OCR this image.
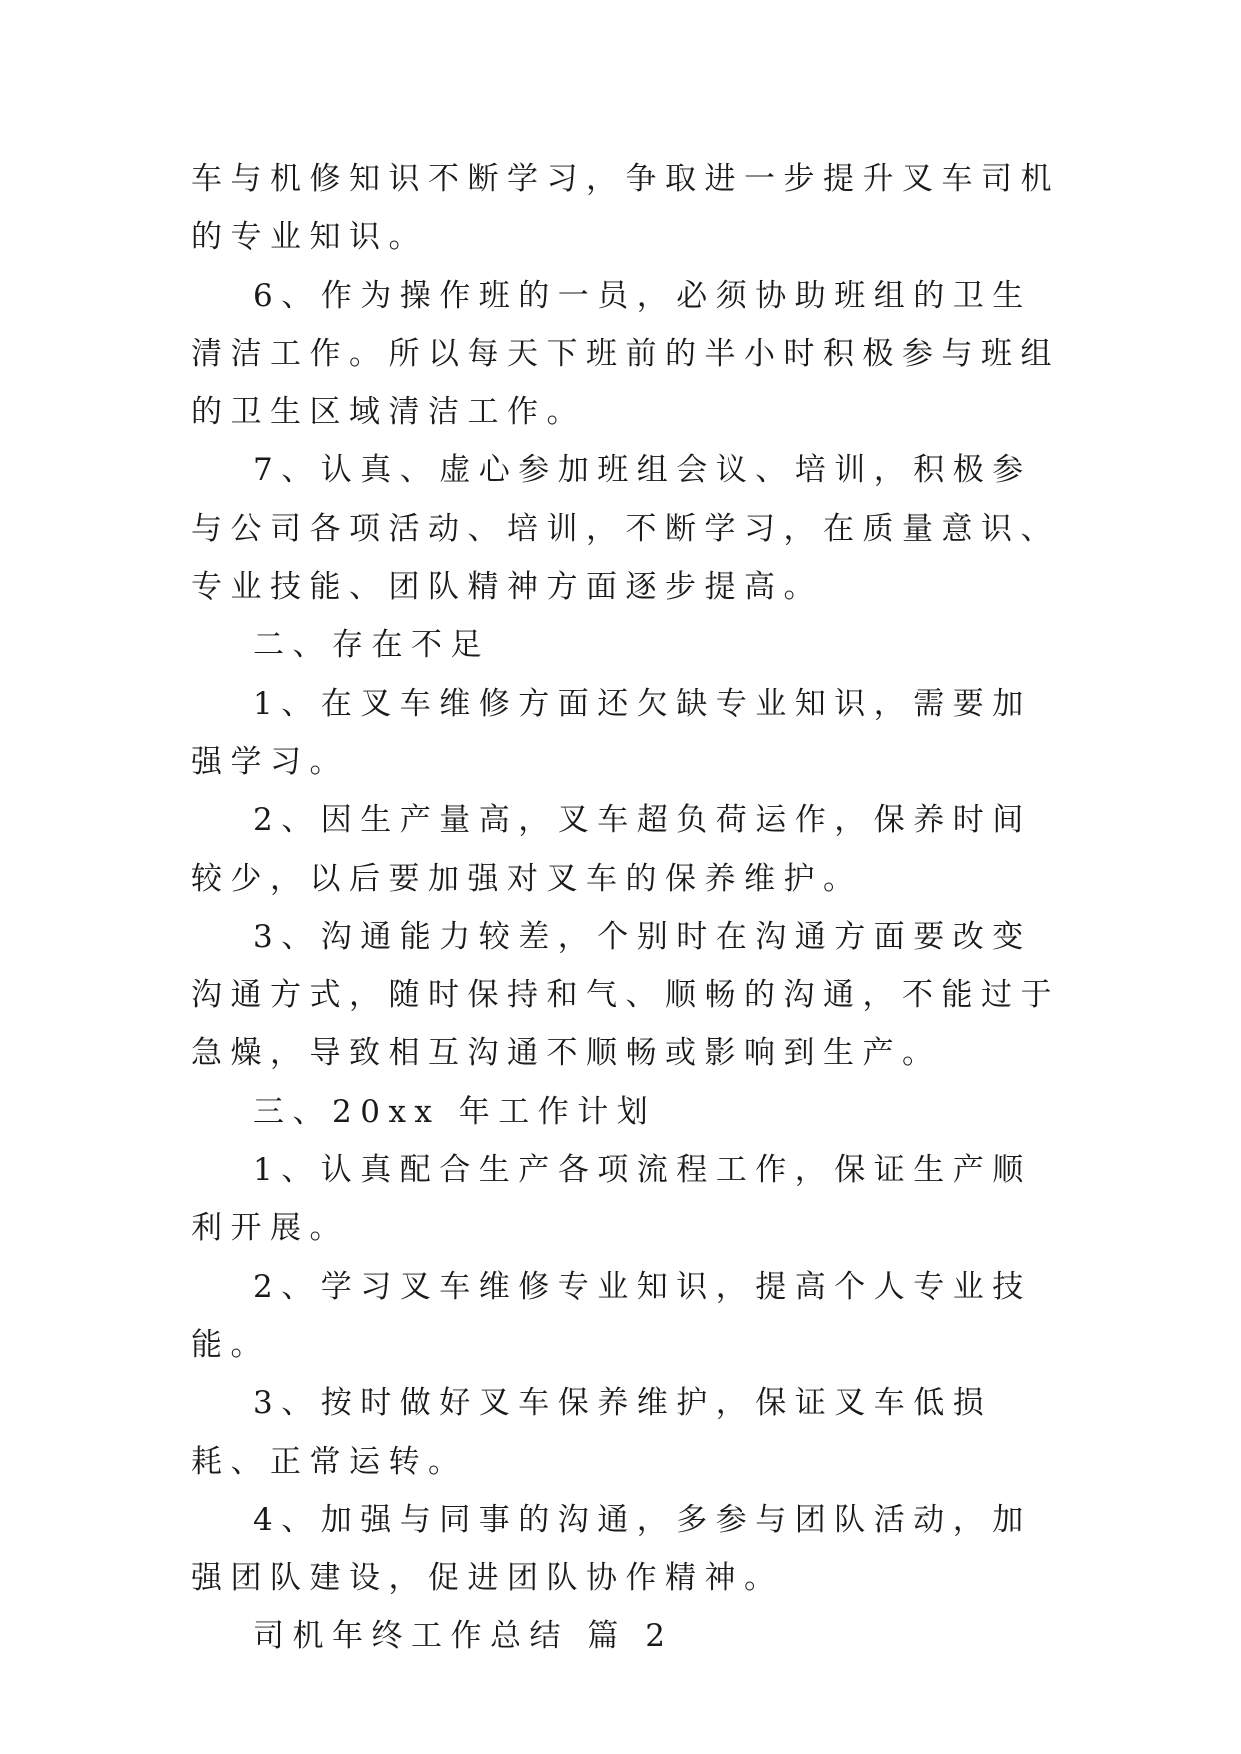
车与机修知识不断学习，争取进一步提升叉车司机的专业知识。

6、作为操作班的一员，必须协助班组的卫生清洁工作。所以每天下班前的半小时积极参与班组的卫生区域清洁工作。

7、认真、虚心参加班组会议、培训，积极参与公司各项活动、培训，不断学习，在质量意识、专业技能、团队精神方面逐步提高。

二、存在不足

1、在叉车维修方面还欠缺专业知识，需要加强学习。

2、因生产量高，叉车超负荷运作，保养时间较少，以后要加强对叉车的保养维护。

3、沟通能力较差，个别时在沟通方面要改变沟通方式，随时保持和气、顺畅的沟通，不能过于急燥，导致相互沟通不顺畅或影响到生产。

三、20xx 年工作计划

1、认真配合生产各项流程工作，保证生产顺利开展。

2、学习叉车维修专业知识，提高个人专业技能。

3、按时做好叉车保养维护，保证叉车低损耗、正常运转。

4、加强与同事的沟通，多参与团队活动，加强团队建设，促进团队协作精神。

司机年终工作总结 篇 2
